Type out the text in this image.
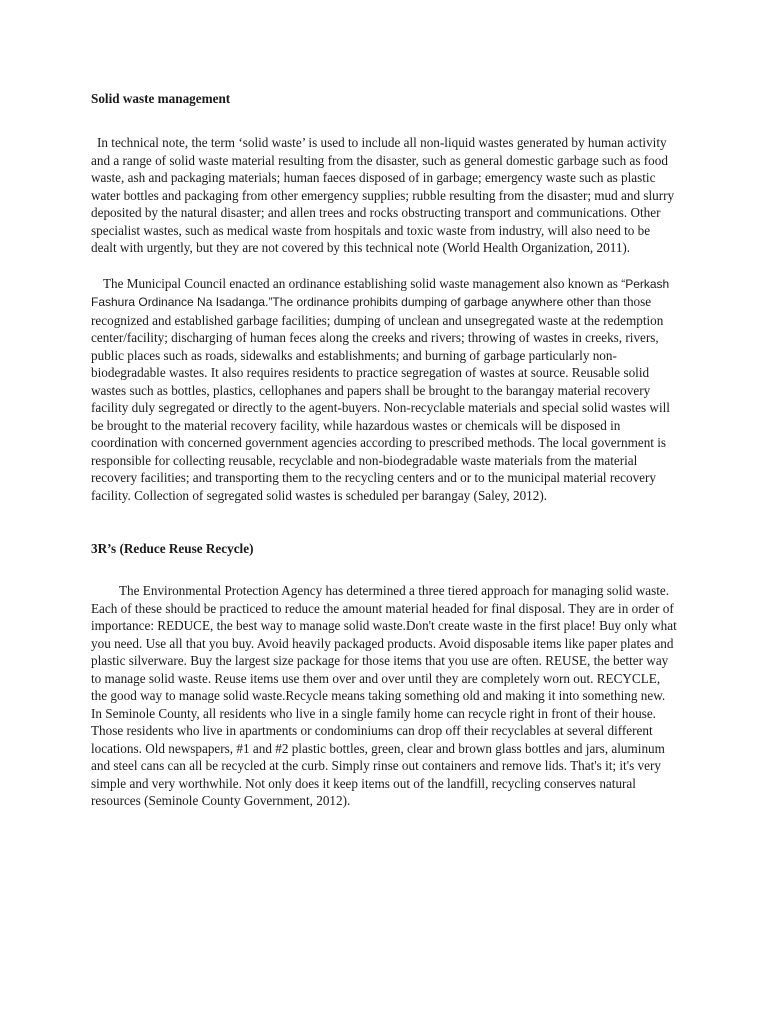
Solid waste management

In technical note, the term ‘solid waste’ is used to include all non-liquid wastes generated by human activity and a range of solid waste material resulting from the disaster, such as general domestic garbage such as food waste, ash and packaging materials; human faeces disposed of in garbage; emergency waste such as plastic water bottles and packaging from other emergency supplies; rubble resulting from the disaster; mud and slurry deposited by the natural disaster; and allen trees and rocks obstructing transport and communications. Other specialist wastes, such as medical waste from hospitals and toxic waste from industry, will also need to be dealt with urgently, but they are not covered by this technical note (World Health Organization, 2011).

The Municipal Council enacted an ordinance establishing solid waste management also known as “Perkash Fashura Ordinance Na Isadanga.”The ordinance prohibits dumping of garbage anywhere other than those recognized and established garbage facilities; dumping of unclean and unsegregated waste at the redemption center/facility; discharging of human feces along the creeks and rivers; throwing of wastes in creeks, rivers, public places such as roads, sidewalks and establishments; and burning of garbage particularly non-biodegradable wastes. It also requires residents to practice segregation of wastes at source. Reusable solid wastes such as bottles, plastics, cellophanes and papers shall be brought to the barangay material recovery facility duly segregated or directly to the agent-buyers. Non-recyclable materials and special solid wastes will be brought to the material recovery facility, while hazardous wastes or chemicals will be disposed in coordination with concerned government agencies according to prescribed methods. The local government is responsible for collecting reusable, recyclable and non-biodegradable waste materials from the material recovery facilities; and transporting them to the recycling centers and or to the municipal material recovery facility. Collection of segregated solid wastes is scheduled per barangay (Saley, 2012).

3R’s (Reduce Reuse Recycle)

The Environmental Protection Agency has determined a three tiered approach for managing solid waste. Each of these should be practiced to reduce the amount material headed for final disposal. They are in order of importance: REDUCE, the best way to manage solid waste.Don't create waste in the first place! Buy only what you need. Use all that you buy. Avoid heavily packaged products. Avoid disposable items like paper plates and plastic silverware. Buy the largest size package for those items that you use are often. REUSE, the better way to manage solid waste. Reuse items use them over and over until they are completely worn out. RECYCLE, the good way to manage solid waste.Recycle means taking something old and making it into something new. In Seminole County, all residents who live in a single family home can recycle right in front of their house. Those residents who live in apartments or condominiums can drop off their recyclables at several different locations. Old newspapers, #1 and #2 plastic bottles, green, clear and brown glass bottles and jars, aluminum and steel cans can all be recycled at the curb. Simply rinse out containers and remove lids. That's it; it's very simple and very worthwhile. Not only does it keep items out of the landfill, recycling conserves natural resources (Seminole County Government, 2012).
